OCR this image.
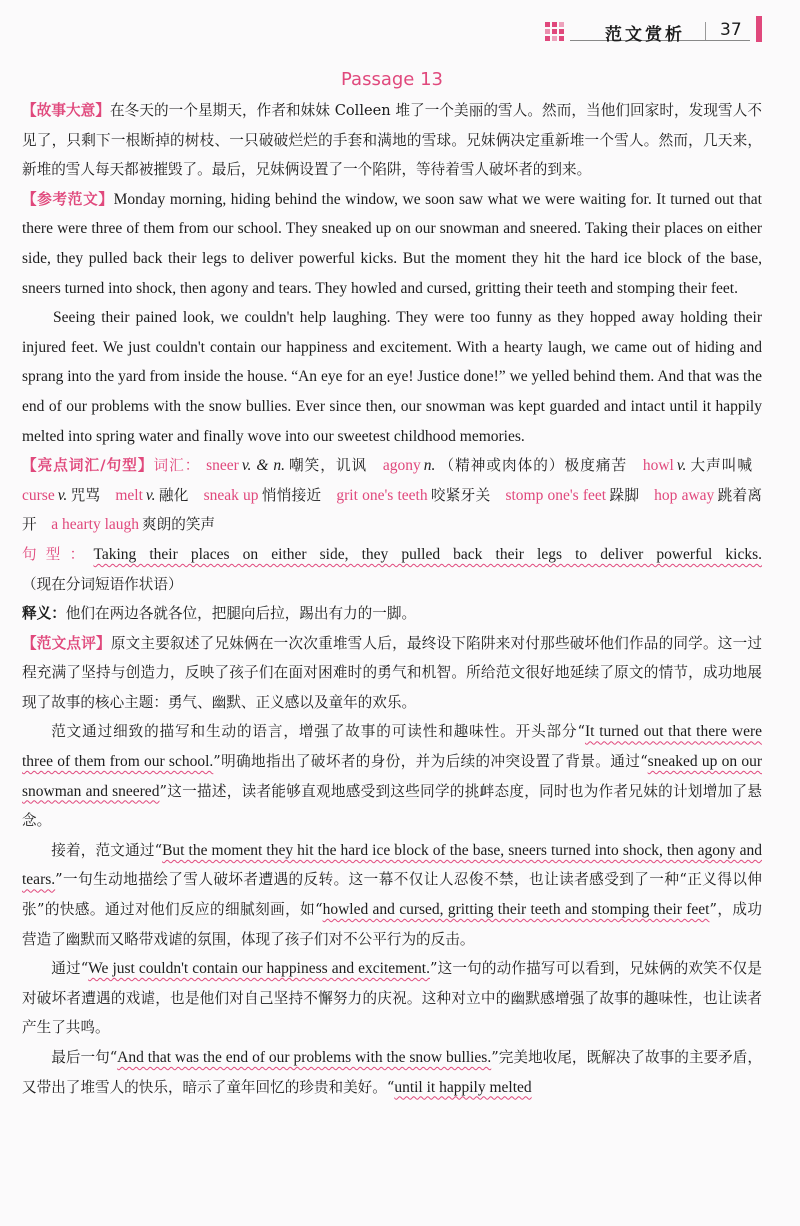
范文赏析 37
Passage 13

【故事大意】在冬天的一个星期天，作者和妹妹 Colleen 堆了一个美丽的雪人。然而，当他们回家时，发现雪人不见了，只剩下一根断掉的树枝、一只破破烂烂的手套和满地的雪球。兄妹俩决定重新堆一个雪人。然而，几天来，新堆的雪人每天都被摧毁了。最后，兄妹俩设置了一个陷阱，等待着雪人破坏者的到来。

【参考范文】Monday morning, hiding behind the window, we soon saw what we were waiting for. It turned out that there were three of them from our school. They sneaked up on our snowman and sneered. Taking their places on either side, they pulled back their legs to deliver powerful kicks. But the moment they hit the hard ice block of the base, sneers turned into shock, then agony and tears. They howled and cursed, gritting their teeth and stomping their feet.

Seeing their pained look, we couldn't help laughing. They were too funny as they hopped away holding their injured feet. We just couldn't contain our happiness and excitement. With a hearty laugh, we came out of hiding and sprang into the yard from inside the house. “An eye for an eye! Justice done!” we yelled behind them. And that was the end of our problems with the snow bullies. Ever since then, our snowman was kept guarded and intact until it happily melted into spring water and finally wove into our sweetest childhood memories.

【亮点词汇/句型】词汇： sneer v. & n. 嘲笑，讥讽 agony n. （精神或肉体的）极度痛苦 howl v. 大声叫喊 curse v. 咒骂 melt v. 融化 sneak up 悄悄接近 grit one's teeth 咬紧牙关 stomp one's feet 跺脚 hop away 跳着离开 a hearty laugh 爽朗的笑声

句型：Taking their places on either side, they pulled back their legs to deliver powerful kicks.（现在分词短语作状语）

释义：他们在两边各就各位，把腿向后拉，踢出有力的一脚。

【范文点评】原文主要叙述了兄妹俩在一次次重堆雪人后，最终设下陷阱来对付那些破坏他们作品的同学。这一过程充满了坚持与创造力，反映了孩子们在面对困难时的勇气和机智。所给范文很好地延续了原文的情节，成功地展现了故事的核心主题：勇气、幽默、正义感以及童年的欢乐。

范文通过细致的描写和生动的语言，增强了故事的可读性和趣味性。开头部分“It turned out that there were three of them from our school.”明确地指出了破坏者的身份，并为后续的冲突设置了背景。通过“sneaked up on our snowman and sneered”这一描述，读者能够直观地感受到这些同学的挑衅态度，同时也为作者兄妹的计划增加了悬念。

接着，范文通过“But the moment they hit the hard ice block of the base, sneers turned into shock, then agony and tears.”一句生动地描绘了雪人破坏者遭遇的反转。这一幕不仅让人忍俊不禁，也让读者感受到了一种“正义得以伸张”的快感。通过对他们反应的细腻刻画，如“howled and cursed, gritting their teeth and stomping their feet”，成功营造了幽默而又略带戏谑的氛围，体现了孩子们对不公平行为的反击。

通过“We just couldn't contain our happiness and excitement.”这一句的动作描写可以看到，兄妹俩的欢笑不仅是对破坏者遭遇的戏谑，也是他们对自己坚持不懈努力的庆祝。这种对立中的幽默感增强了故事的趣味性，也让读者产生了共鸣。

最后一句“And that was the end of our problems with the snow bullies.”完美地收尾，既解决了故事的主要矛盾，又带出了堆雪人的快乐，暗示了童年回忆的珍贵和美好。“until it happily melted
